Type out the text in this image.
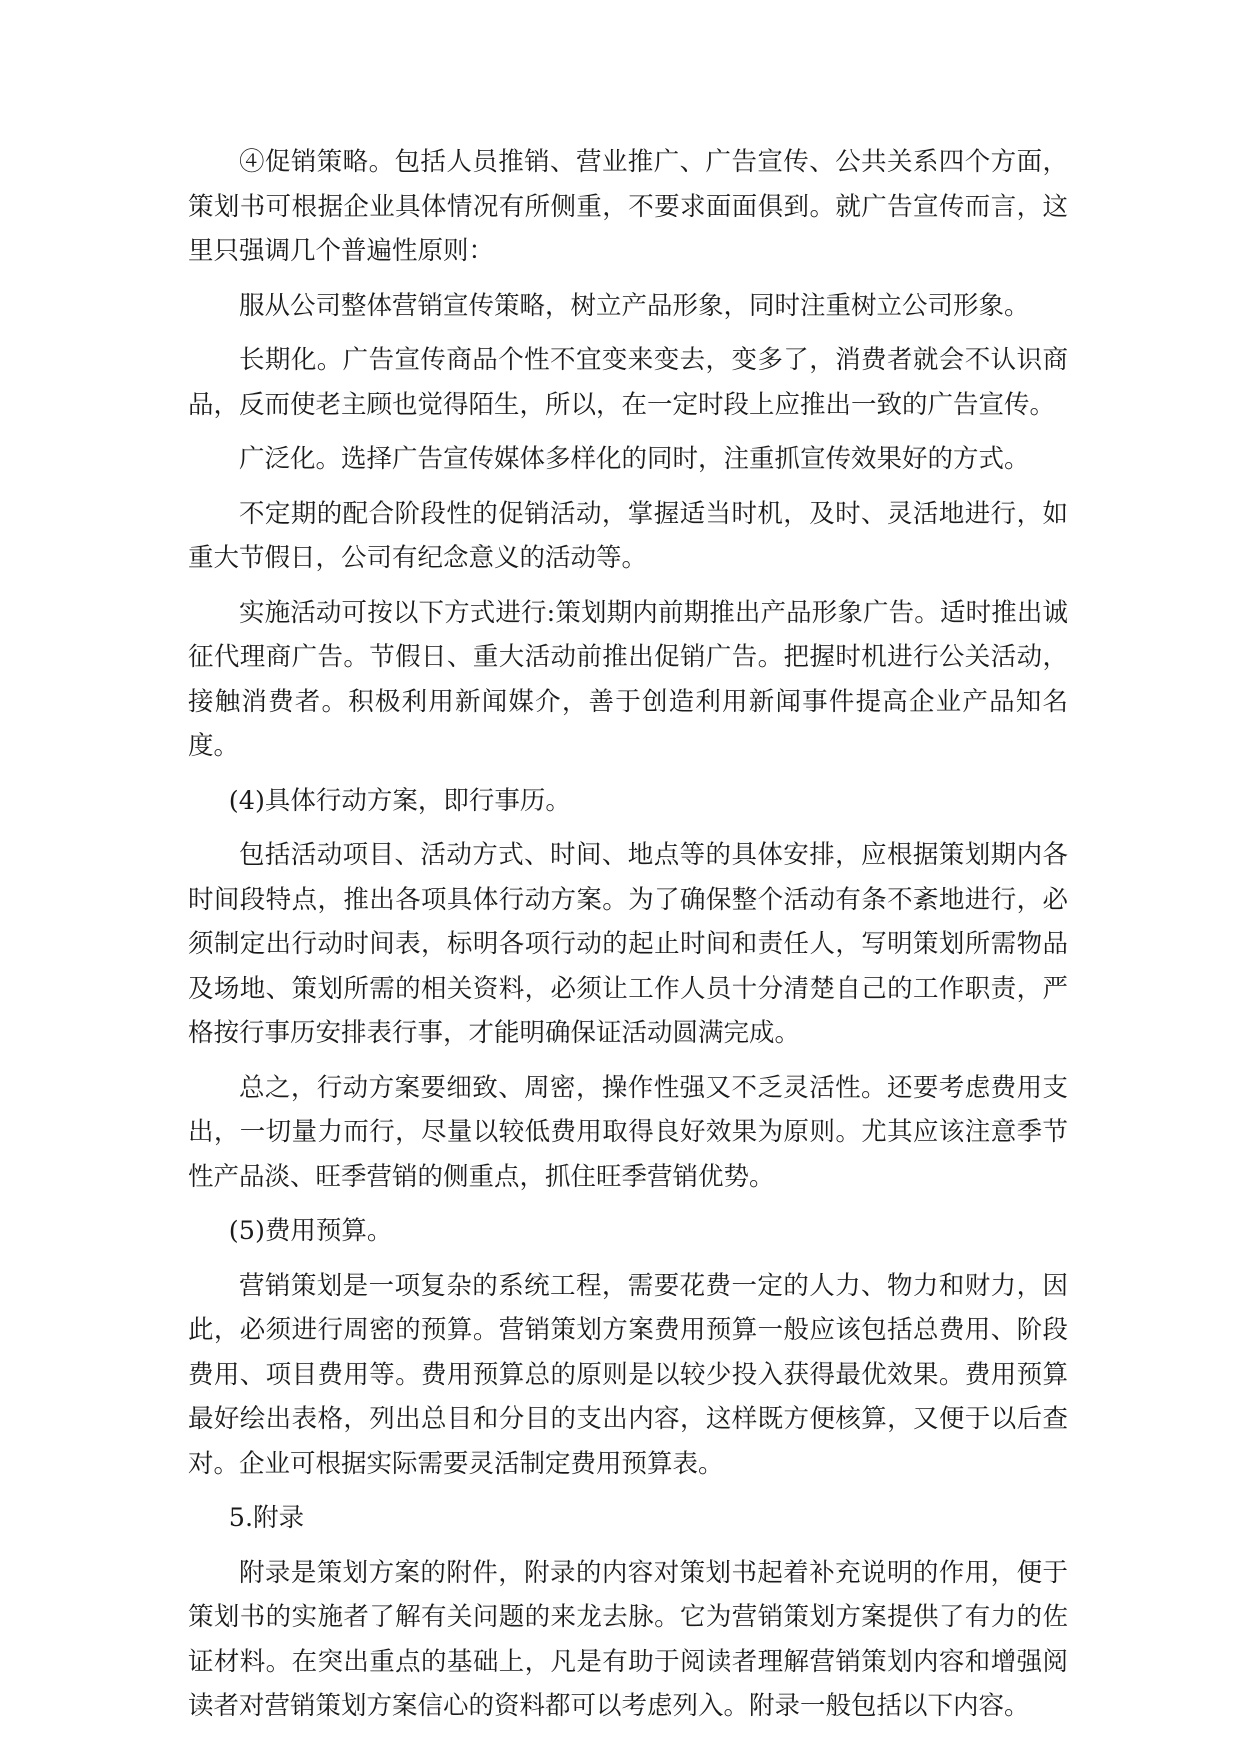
④促销策略。包括人员推销、营业推广、广告宣传、公共关系四个方面，策划书可根据企业具体情况有所侧重，不要求面面俱到。就广告宣传而言，这里只强调几个普遍性原则：

服从公司整体营销宣传策略，树立产品形象，同时注重树立公司形象。

长期化。广告宣传商品个性不宜变来变去，变多了，消费者就会不认识商品，反而使老主顾也觉得陌生，所以，在一定时段上应推出一致的广告宣传。

广泛化。选择广告宣传媒体多样化的同时，注重抓宣传效果好的方式。

不定期的配合阶段性的促销活动，掌握适当时机，及时、灵活地进行，如重大节假日，公司有纪念意义的活动等。

实施活动可按以下方式进行:策划期内前期推出产品形象广告。适时推出诚征代理商广告。节假日、重大活动前推出促销广告。把握时机进行公关活动，接触消费者。积极利用新闻媒介，善于创造利用新闻事件提高企业产品知名度。

(4)具体行动方案，即行事历。

包括活动项目、活动方式、时间、地点等的具体安排，应根据策划期内各时间段特点，推出各项具体行动方案。为了确保整个活动有条不紊地进行，必须制定出行动时间表，标明各项行动的起止时间和责任人，写明策划所需物品及场地、策划所需的相关资料，必须让工作人员十分清楚自己的工作职责，严格按行事历安排表行事，才能明确保证活动圆满完成。

总之，行动方案要细致、周密，操作性强又不乏灵活性。还要考虑费用支出，一切量力而行，尽量以较低费用取得良好效果为原则。尤其应该注意季节性产品淡、旺季营销的侧重点，抓住旺季营销优势。

(5)费用预算。

营销策划是一项复杂的系统工程，需要花费一定的人力、物力和财力，因此，必须进行周密的预算。营销策划方案费用预算一般应该包括总费用、阶段费用、项目费用等。费用预算总的原则是以较少投入获得最优效果。费用预算最好绘出表格，列出总目和分目的支出内容，这样既方便核算，又便于以后查对。企业可根据实际需要灵活制定费用预算表。

5.附录

附录是策划方案的附件，附录的内容对策划书起着补充说明的作用，便于策划书的实施者了解有关问题的来龙去脉。它为营销策划方案提供了有力的佐证材料。在突出重点的基础上，凡是有助于阅读者理解营销策划内容和增强阅读者对营销策划方案信心的资料都可以考虑列入。附录一般包括以下内容。
